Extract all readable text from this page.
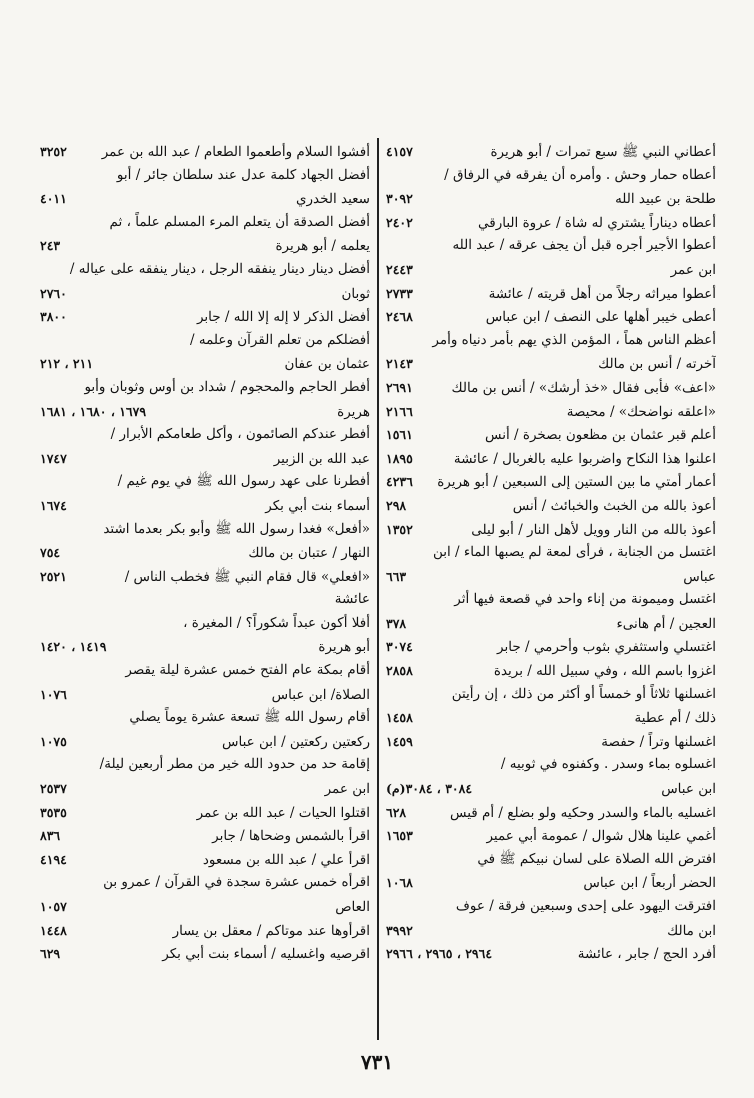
أعطاني النبي ﷺ سبع تمرات / أبو هريرة
٤١٥٧
أعطاه حمار وحش . وأمره أن يفرقه في الرفاق /
طلحة بن عبيد الله
٣٠٩٢
أعطاه ديناراً يشتري له شاة / عروة البارقي
٢٤٠٢
أعطوا الأجير أجره قبل أن يجف عرقه / عبد الله
ابن عمر
٢٤٤٣
أعطوا ميراثه رجلاً من أهل قريته / عائشة
٢٧٣٣
أعطى خيبر أهلها على النصف / ابن عباس
٢٤٦٨
أعظم الناس هماً ، المؤمن الذي يهم بأمر دنياه وأمر
آخرته / أنس بن مالك
٢١٤٣
«اعف» فأبى فقال «خذ أرشك» / أنس بن مالك
٢٦٩١
«اعلقه نواضحك» / محيصة
٢١٦٦
أعلم قبر عثمان بن مظعون بصخرة / أنس
١٥٦١
اعلنوا هذا النكاح واضربوا عليه بالغربال / عائشة
١٨٩٥
أعمار أمتي ما بين الستين إلى السبعين / أبو هريرة
٤٢٣٦
أعوذ بالله من الخبث والخبائث / أنس
٢٩٨
أعوذ بالله من النار وويل لأهل النار / أبو ليلى
١٣٥٢
اغتسل من الجنابة ، فرأى لمعة لم يصبها الماء / ابن
عباس
٦٦٣
اغتسل وميمونة من إناء واحد في قصعة فيها أثر
العجين / أم هانىء
٣٧٨
اغتسلي واستثفري بثوب وأحرمي / جابر
٣٠٧٤
اغزوا باسم الله ، وفي سبيل الله / بريدة
٢٨٥٨
اغسلنها ثلاثاً أو خمساً أو أكثر من ذلك ، إن رأيتن
ذلك / أم عطية
١٤٥٨
اغسلنها وتراً / حفصة
١٤٥٩
اغسلوه بماء وسدر . وكفنوه في ثوبيه /
ابن عباس
٣٠٨٤ ، ٣٠٨٤(م)
اغسليه بالماء والسدر وحكيه ولو بضلع / أم قيس
٦٢٨
أغمي علينا هلال شوال / عمومة أبي عمير
١٦٥٣
افترض الله الصلاة على لسان نبيكم ﷺ في
الحضر أربعاً / ابن عباس
١٠٦٨
افترقت اليهود على إحدى وسبعين فرقة / عوف
ابن مالك
٣٩٩٢
أفرد الحج / جابر ، عائشة
٢٩٦٤ ، ٢٩٦٥ ، ٢٩٦٦
أفشوا السلام وأطعموا الطعام / عبد الله بن عمر
٣٢٥٢
أفضل الجهاد كلمة عدل عند سلطان جائر / أبو
سعيد الخدري
٤٠١١
أفضل الصدقة أن يتعلم المرء المسلم علماً ، ثم
يعلمه / أبو هريرة
٢٤٣
أفضل دينار دينار ينفقه الرجل ، دينار ينفقه على عياله /
ثوبان
٢٧٦٠
أفضل الذكر لا إله إلا الله / جابر
٣٨٠٠
أفضلكم من تعلم القرآن وعلمه /
عثمان بن عفان
٢١١ ، ٢١٢
أفطر الحاجم والمحجوم / شداد بن أوس وثوبان وأبو
هريرة
١٦٧٩ ، ١٦٨٠ ، ١٦٨١
أفطر عندكم الصائمون ، وأكل طعامكم الأبرار /
عبد الله بن الزبير
١٧٤٧
أفطرنا على عهد رسول الله ﷺ في يوم غيم /
أسماء بنت أبي بكر
١٦٧٤
«أفعل» فغدا رسول الله ﷺ وأبو بكر بعدما اشتد
النهار / عتبان بن مالك
٧٥٤
«افعلي» قال فقام النبي ﷺ فخطب الناس /
٢٥٢١
عائشة
أفلا أكون عبداً شكوراً؟ / المغيرة ،
أبو هريرة
١٤١٩ ، ١٤٢٠
أقام بمكة عام الفتح خمس عشرة ليلة يقصر
الصلاة/ ابن عباس
١٠٧٦
أقام رسول الله ﷺ تسعة عشرة يوماً يصلي
ركعتين ركعتين / ابن عباس
١٠٧٥
إقامة حد من حدود الله خير من مطر أربعين ليلة/
ابن عمر
٢٥٣٧
اقتلوا الحيات / عبد الله بن عمر
٣٥٣٥
اقرأ بالشمس وضحاها / جابر
٨٣٦
اقرأ علي / عبد الله بن مسعود
٤١٩٤
اقرأه خمس عشرة سجدة في القرآن / عمرو بن
العاص
١٠٥٧
اقرأوها عند موتاكم / معقل بن يسار
١٤٤٨
اقرصيه واغسليه / أسماء بنت أبي بكر
٦٢٩
٧٣١
